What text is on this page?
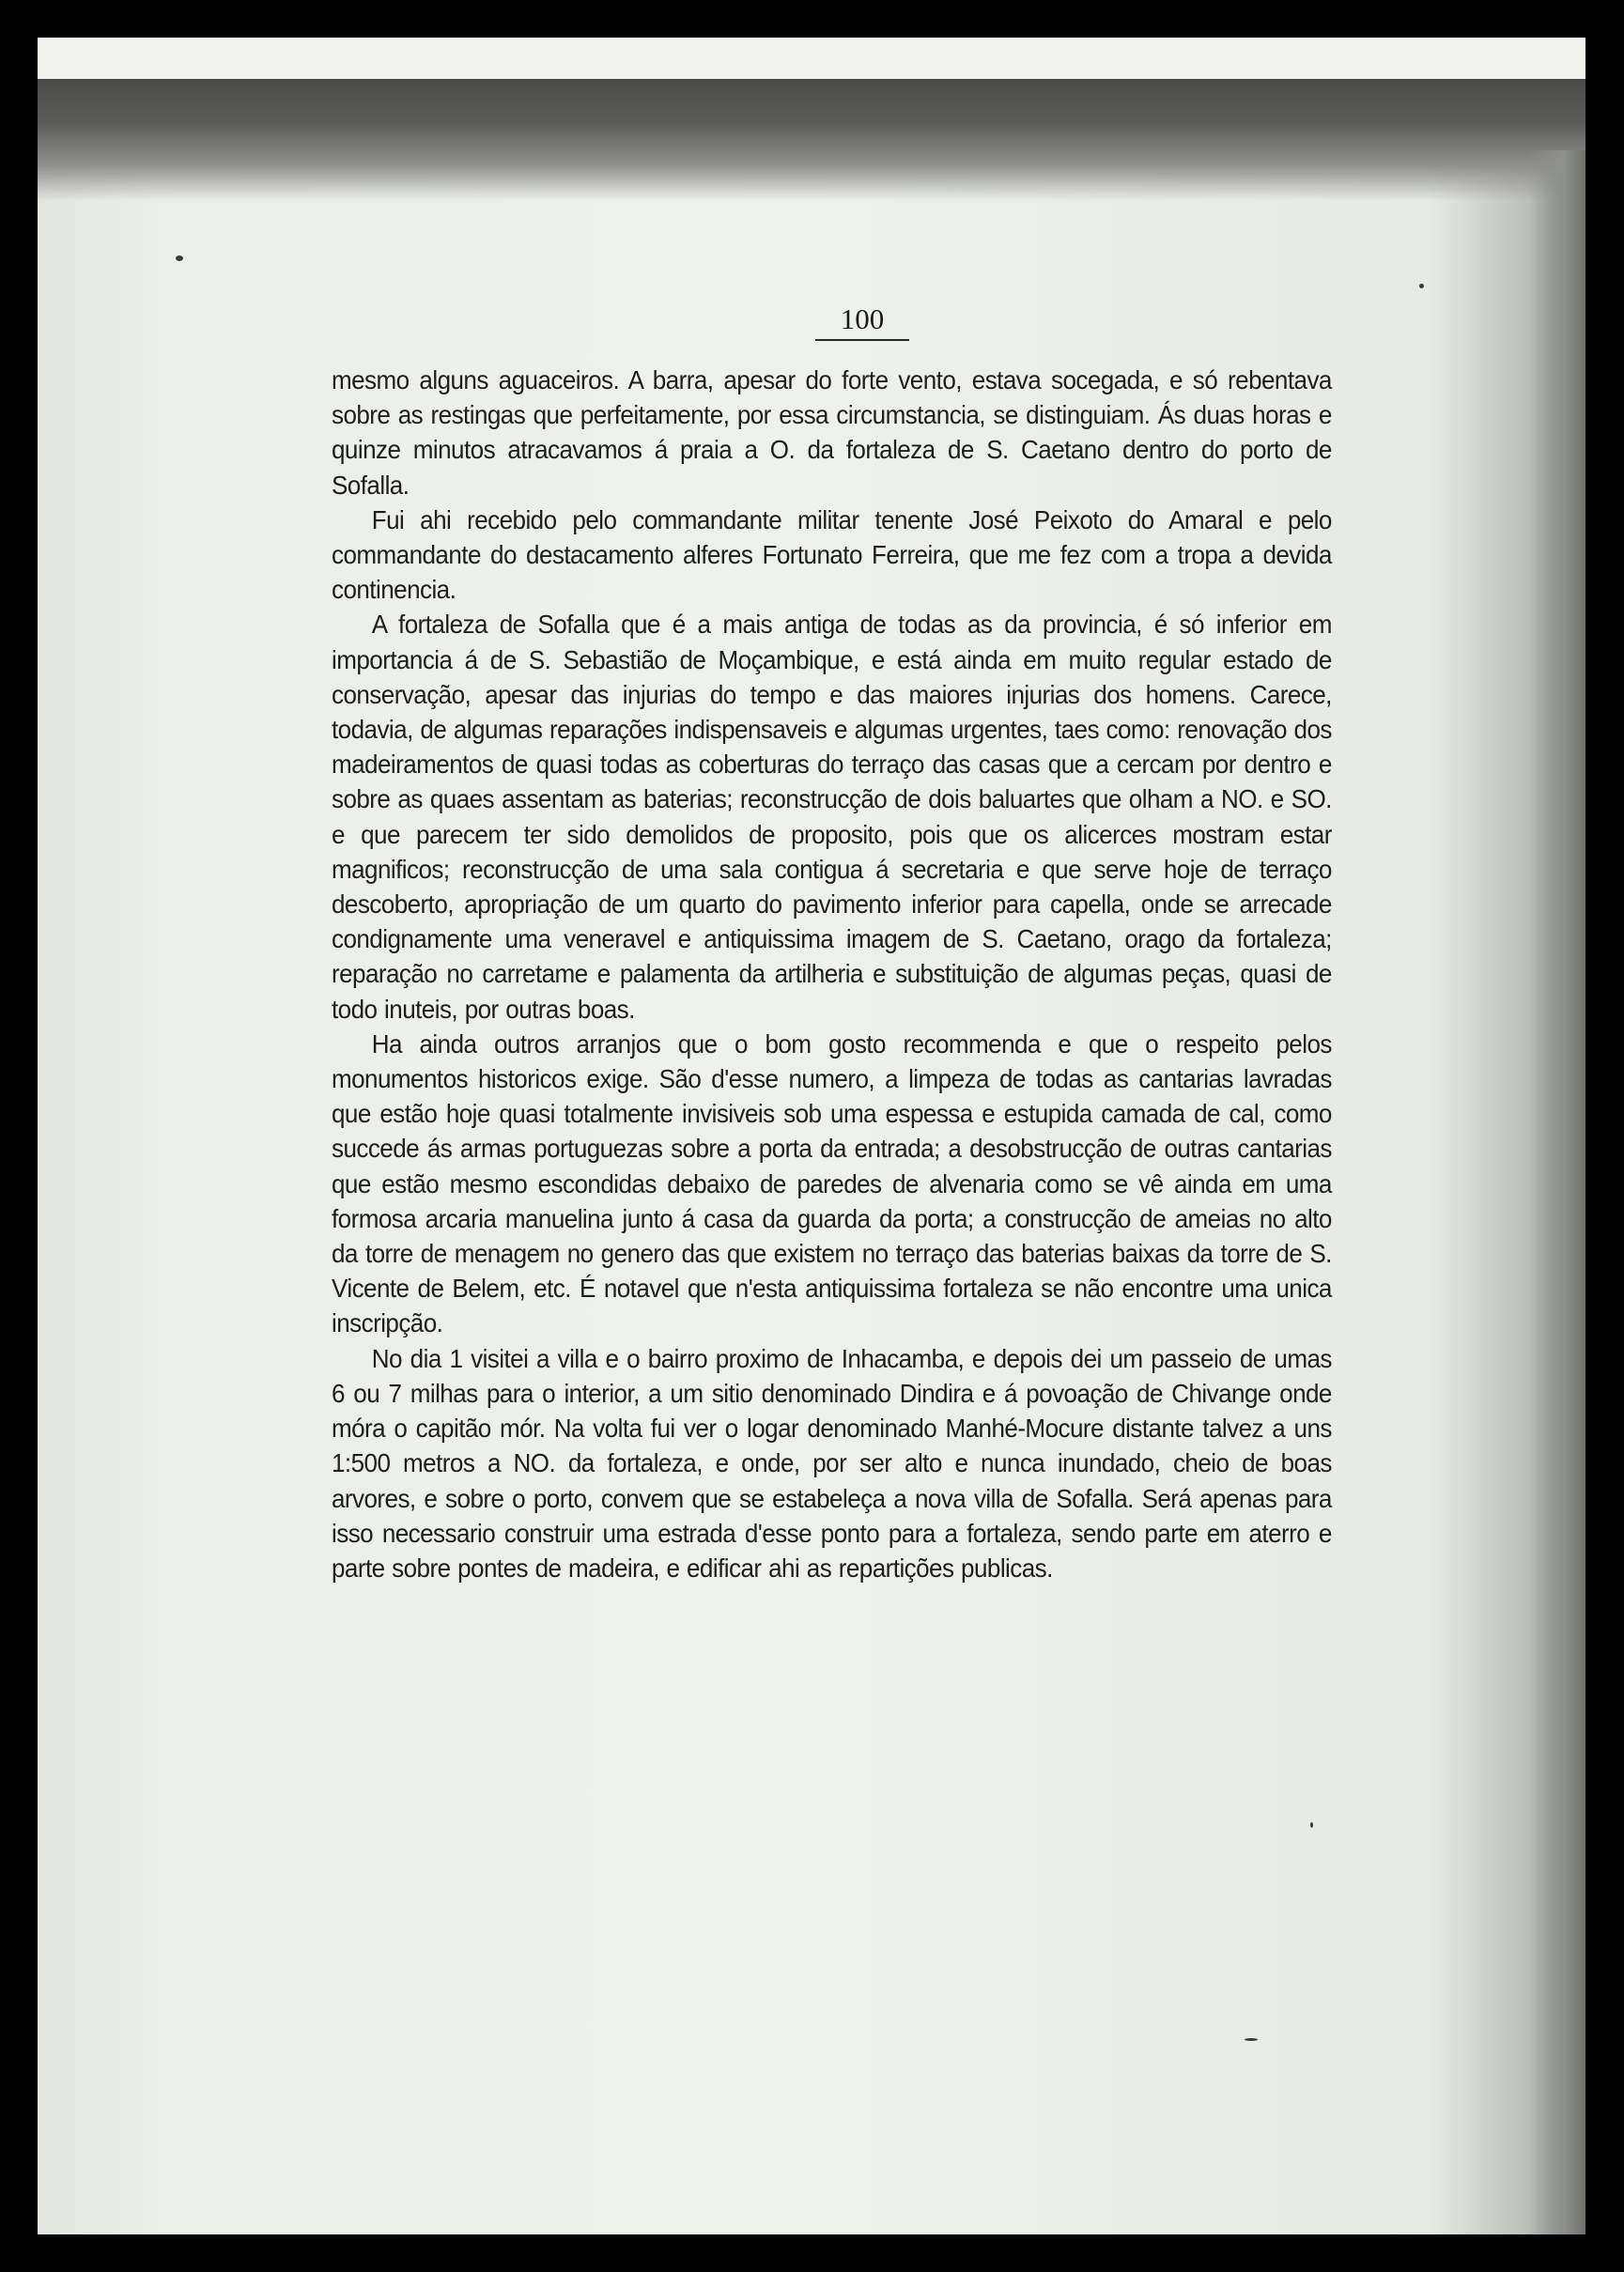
100

mesmo alguns aguaceiros. A barra, apesar do forte vento, estava socegada, e só rebentava sobre as restingas que perfeitamente, por essa circumstancia, se distinguiam. Ás duas horas e quinze minutos atracavamos á praia a O. da fortaleza de S. Caetano dentro do porto de Sofalla.

Fui ahi recebido pelo commandante militar tenente José Peixoto do Amaral e pelo commandante do destacamento alferes Fortunato Ferreira, que me fez com a tropa a devida continencia.

A fortaleza de Sofalla que é a mais antiga de todas as da provincia, é só inferior em importancia á de S. Sebastião de Moçambique, e está ainda em muito regular estado de conservação, apesar das injurias do tempo e das maiores injurias dos homens. Carece, todavia, de algumas reparações indispensaveis e algumas urgentes, taes como: renovação dos madeiramentos de quasi todas as coberturas do terraço das casas que a cercam por dentro e sobre as quaes assentam as baterias; reconstrucção de dois baluartes que olham a NO. e SO. e que parecem ter sido demolidos de proposito, pois que os alicerces mostram estar magnificos; reconstrucção de uma sala contigua á secretaria e que serve hoje de terraço descoberto, apropriação de um quarto do pavimento inferior para capella, onde se arrecade condignamente uma veneravel e antiquissima imagem de S. Caetano, orago da fortaleza; reparação no carretame e palamenta da artilheria e substituição de algumas peças, quasi de todo inuteis, por outras boas.

Ha ainda outros arranjos que o bom gosto recommenda e que o respeito pelos monumentos historicos exige. São d'esse numero, a limpeza de todas as cantarias lavradas que estão hoje quasi totalmente invisiveis sob uma espessa e estupida camada de cal, como succede ás armas portuguezas sobre a porta da entrada; a desobstrucção de outras cantarias que estão mesmo escondidas debaixo de paredes de alvenaria como se vê ainda em uma formosa arcaria manuelina junto á casa da guarda da porta; a construcção de ameias no alto da torre de menagem no genero das que existem no terraço das baterias baixas da torre de S. Vicente de Belem, etc. É notavel que n'esta antiquissima fortaleza se não encontre uma unica inscripção.

No dia 1 visitei a villa e o bairro proximo de Inhacamba, e depois dei um passeio de umas 6 ou 7 milhas para o interior, a um sitio denominado Dindira e á povoação de Chivange onde móra o capitão mór. Na volta fui ver o logar denominado Manhé-Mocure distante talvez a uns 1:500 metros a NO. da fortaleza, e onde, por ser alto e nunca inundado, cheio de boas arvores, e sobre o porto, convem que se estabeleça a nova villa de Sofalla. Será apenas para isso necessario construir uma estrada d'esse ponto para a fortaleza, sendo parte em aterro e parte sobre pontes de madeira, e edificar ahi as repartições publicas.
